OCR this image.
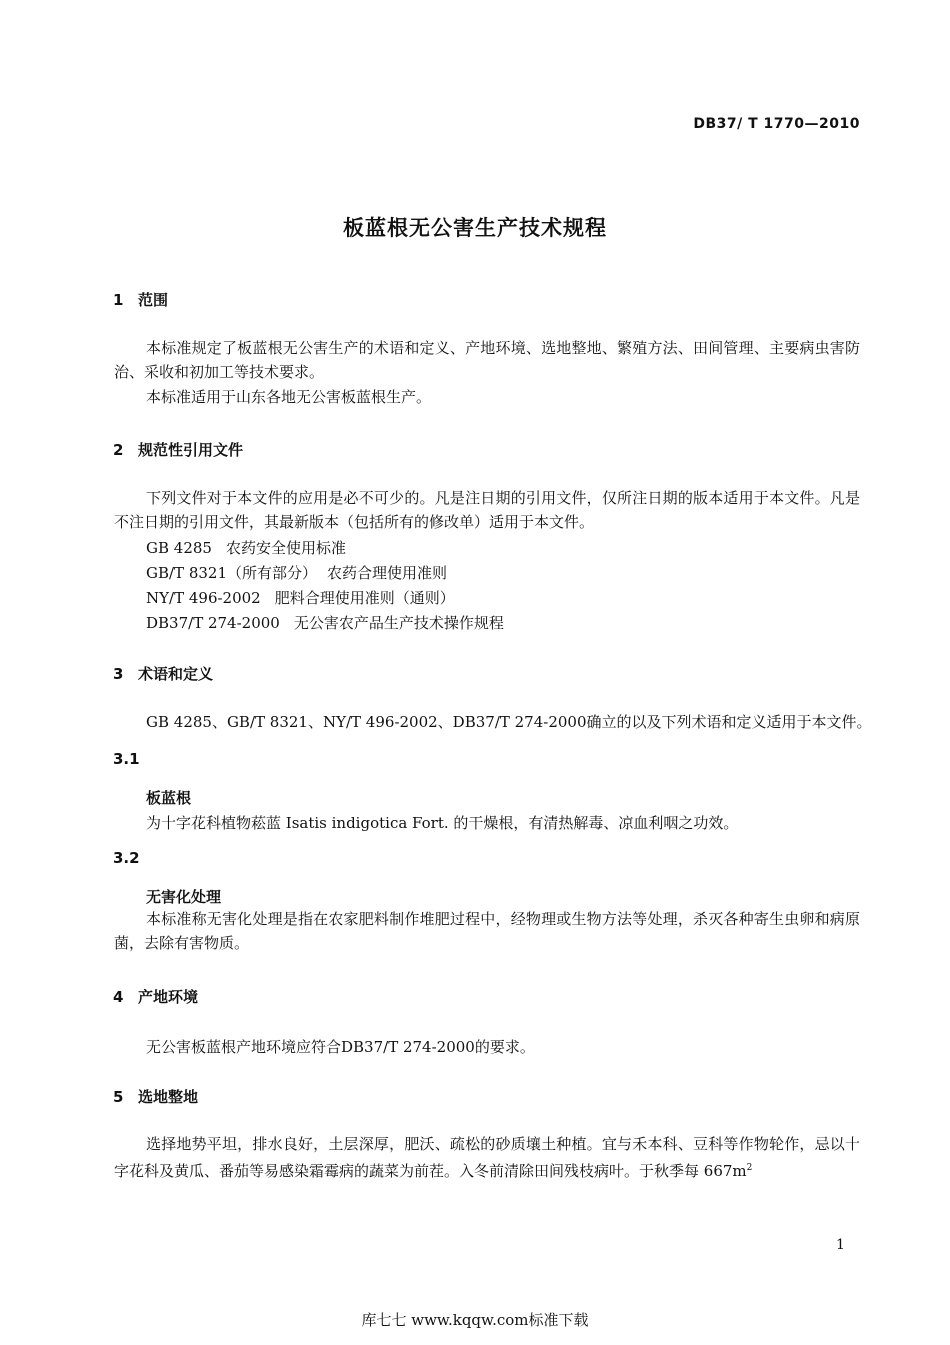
DB37/ T 1770—2010
板蓝根无公害生产技术规程
1 范围

本标准规定了板蓝根无公害生产的术语和定义、产地环境、选地整地、繁殖方法、田间管理、主要病虫害防治、采收和初加工等技术要求。

本标准适用于山东各地无公害板蓝根生产。

2 规范性引用文件

下列文件对于本文件的应用是必不可少的。凡是注日期的引用文件，仅所注日期的版本适用于本文件。凡是不注日期的引用文件，其最新版本（包括所有的修改单）适用于本文件。

GB 4285 农药安全使用标准
GB/T 8321（所有部分） 农药合理使用准则
NY/T 496-2002 肥料合理使用准则（通则）
DB37/T 274-2000 无公害农产品生产技术操作规程
3 术语和定义
GB 4285、GB/T 8321、NY/T 496-2002、DB37/T 274-2000确立的以及下列术语和定义适用于本文件。
3.1
板蓝根
为十字花科植物菘蓝 Isatis indigotica Fort. 的干燥根，有清热解毒、凉血利咽之功效。
3.2
无害化处理

本标准称无害化处理是指在农家肥料制作堆肥过程中，经物理或生物方法等处理，杀灭各种寄生虫卵和病原菌，去除有害物质。

4 产地环境
无公害板蓝根产地环境应符合DB37/T 274-2000的要求。
5 选地整地

选择地势平坦，排水良好，土层深厚，肥沃、疏松的砂质壤土种植。宜与禾本科、豆科等作物轮作，忌以十字花科及黄瓜、番茄等易感染霜霉病的蔬菜为前茬。入冬前清除田间残枝病叶。于秋季每 $667m^2$

1
库七七 www.kqqw.com标准下载
